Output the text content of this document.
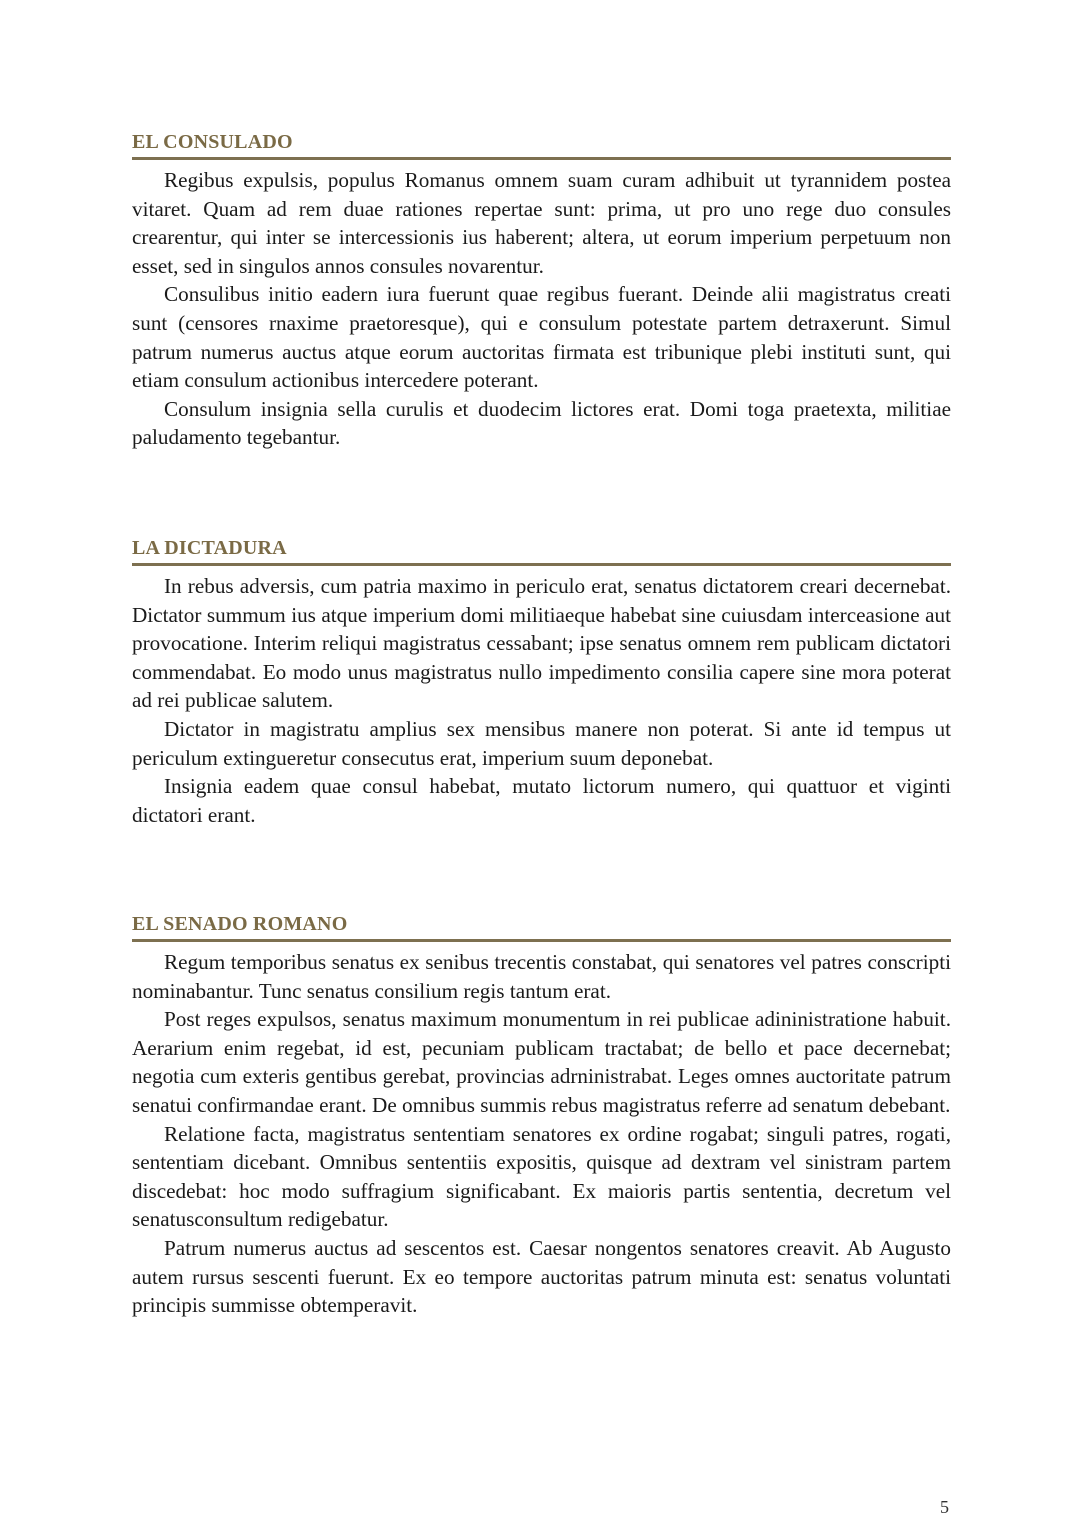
EL CONSULADO

Regibus expulsis, populus Romanus omnem suam curam adhibuit ut tyrannidem postea vitaret. Quam ad rem duae rationes repertae sunt: prima, ut pro uno rege duo consules crearentur, qui inter se intercessionis ius haberent; altera, ut eorum imperium perpetuum non esset, sed in singulos annos consules novarentur.

Consulibus initio eadern iura fuerunt quae regibus fuerant. Deinde alii magistratus creati sunt (censores rnaxime praetoresque), qui e consulum potestate partem detraxerunt. Simul patrum numerus auctus atque eorum auctoritas firmata est tribunique plebi instituti sunt, qui etiam consulum actionibus intercedere poterant.

Consulum insignia sella curulis et duodecim lictores erat. Domi toga praetexta, militiae paludamento tegebantur.

LA DICTADURA

In rebus adversis, cum patria maximo in periculo erat, senatus dictatorem creari decernebat. Dictator summum ius atque imperium domi militiaeque habebat sine cuiusdam interceasione aut provocatione. Interim reliqui magistratus cessabant; ipse senatus omnem rem publicam dictatori commendabat. Eo modo unus magistratus nullo impedimento consilia capere sine mora poterat ad rei publicae salutem.

Dictator in magistratu amplius sex mensibus manere non poterat. Si ante id tempus ut periculum extingueretur consecutus erat, imperium suum deponebat.

Insignia eadem quae consul habebat, mutato lictorum numero, qui quattuor et viginti dictatori erant.

EL SENADO ROMANO

Regum temporibus senatus ex senibus trecentis constabat, qui senatores vel patres conscripti nominabantur. Tunc senatus consilium regis tantum erat.

Post reges expulsos, senatus maximum monumentum in rei publicae adininistratione habuit. Aerarium enim regebat, id est, pecuniam publicam tractabat; de bello et pace decernebat; negotia cum exteris gentibus gerebat, provincias adrninistrabat. Leges omnes auctoritate patrum senatui confirmandae erant. De omnibus summis rebus magistratus referre ad senatum debebant.

Relatione facta, magistratus sententiam senatores ex ordine rogabat; singuli patres, rogati, sententiam dicebant. Omnibus sententiis expositis, quisque ad dextram vel sinistram partem discedebat: hoc modo suffragium significabant. Ex maioris partis sententia, decretum vel senatusconsultum redigebatur.

Patrum numerus auctus ad sescentos est. Caesar nongentos senatores creavit. Ab Augusto autem rursus sescenti fuerunt. Ex eo tempore auctoritas patrum minuta est: senatus voluntati principis summisse obtemperavit.

5
